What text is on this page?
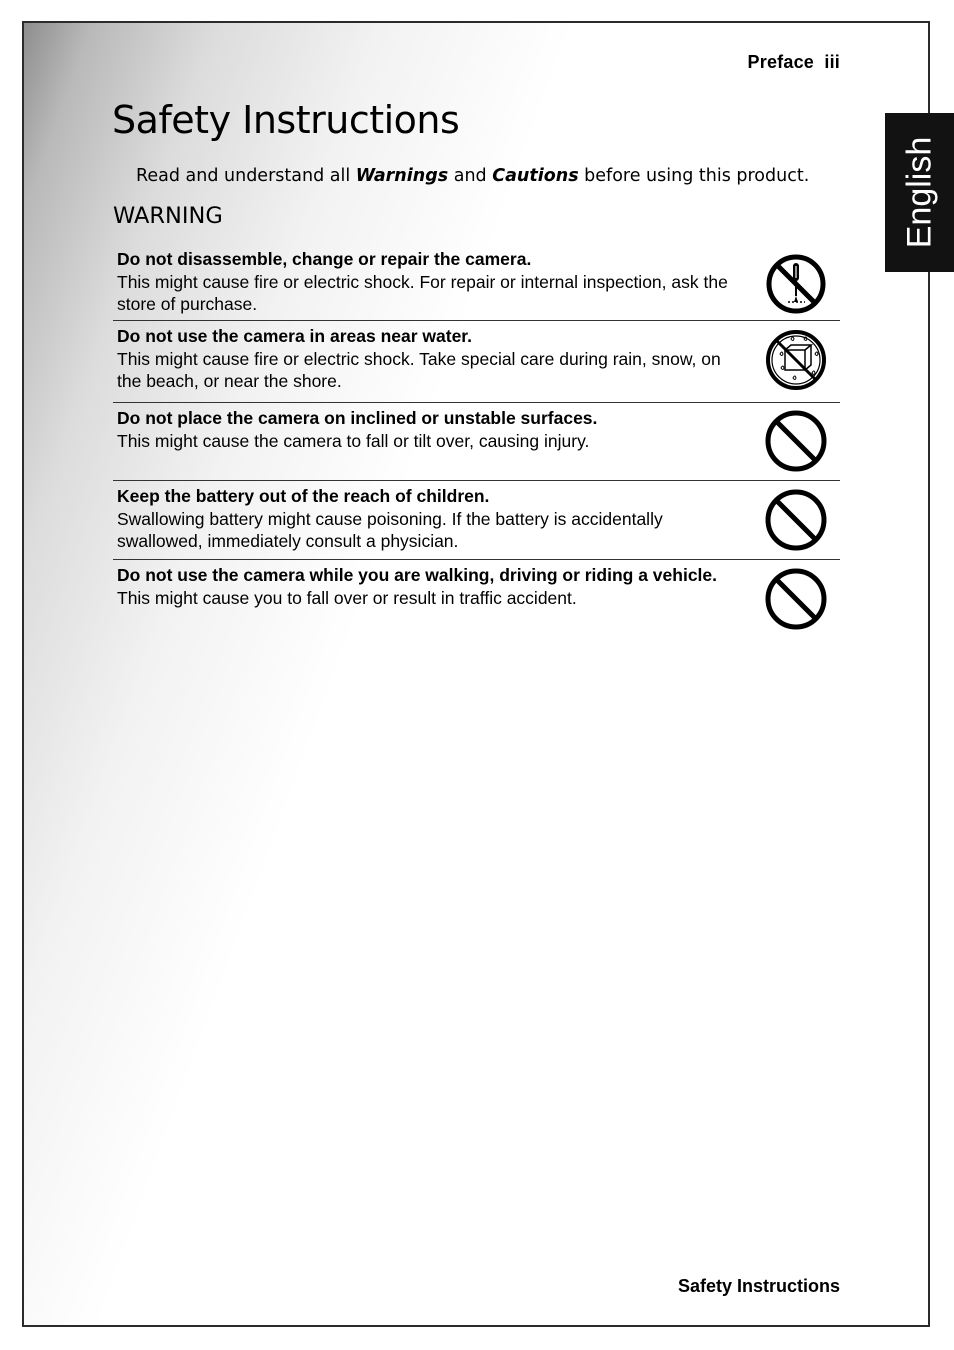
Preface  iii
English
Safety Instructions
Read and understand all Warnings and Cautions before using this product.
WARNING
Do not disassemble, change or repair the camera.
This might cause fire or electric shock. For repair or internal inspection, ask the store of purchase.
Do not use the camera in areas near water.
This might cause fire or electric shock. Take special care during rain, snow, on the beach, or near the shore.
Do not place the camera on inclined or unstable surfaces.
This might cause the camera to fall or tilt over, causing injury.
Keep the battery out of the reach of children.
Swallowing battery might cause poisoning. If the battery is accidentally swallowed, immediately consult a physician.
Do not use the camera while you are walking, driving or riding a vehicle.
This might cause you to fall over or result in traffic accident.
Safety Instructions
